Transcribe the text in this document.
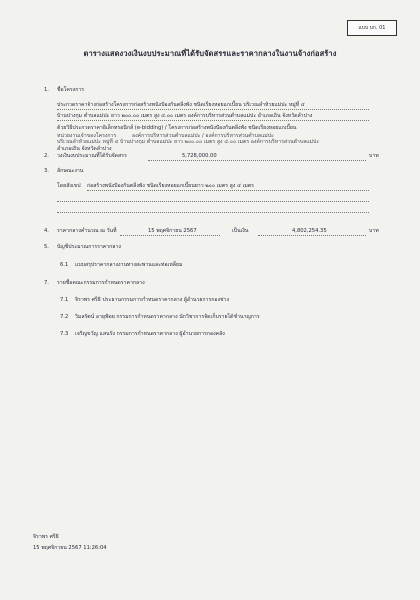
แบบ บก. 01
ตารางแสดงวงเงินงบประมาณที่ได้รับจัดสรรและราคากลางในงานจ้างก่อสร้าง
1. ชื่อโครงการ
ประกวดราคาจ้างก่อสร้างโครงการก่อสร้างพนังป้องกันตลิ่งพัง ชนิดเรียงหอยแกเบี้ยน บริเวณลำห้วยแม่ปะ หมู่ที่ ๔
บ้านปางกุม ตำบลแม่ปะ ยาว ๒๐๐.๐๐ เมตร สูง ๔.๐๐ เมตร องค์การบริหารส่วนตำบลแม่ปะ อำเภอเถิน จังหวัดลำปาง
ด้วยวิธีประกวดราคาอิเล็กทรอนิกส์ (e-bidding) / โครงการก่อสร้างพนังป้องกันตลิ่งพัง ชนิดเรียงหอยแกเบี้ยน
หน่วยงานเจ้าของโครงการ	องค์การบริหารส่วนตำบลแม่ปะ / องค์การบริหารส่วนตำบลแม่ปะ
บริเวณลำห้วยแม่ปะ หมู่ที่ ๔ บ้านปางกุม ตำบลแม่ปะ ยาว ๒๐๐.๐๐ เมตร สูง ๔.๐๐ เมตร องค์การบริหารส่วนตำบลแม่ปะ
อำเภอเถิน จังหวัดลำปาง
2. วงเงินงบประมาณที่ได้รับจัดสรร	5,728,000.00	บาท
3. ลักษณะงาน
โดยสังเขป ก่อสร้างพนังป้องกันตลิ่งพัง ชนิดเรียงหอยแกเบี้ยนยาว ๒๐๐ เมตร สูง ๔ เมตร
4. ราคากลางคำนวณ ณ วันที่	15 พฤศจิกายน 2567	เป็นเงิน	4,802,254.35	บาท
5. บัญชีประมาณการราคากลาง
6.1 แบบสรุปราคากลางงานทางสะพานและท่อเหลี่ยม
7. รายชื่อคณะกรรมการกำหนดราคากลาง
7.1 จิราพร ศรีธิ ประธานกรรมการกำหนดราคากลาง ผู้อำนวยการกองช่าง
7.2 วิมลรัตน์ อายุฟ้อย กรรมการกำหนดราคากลาง นักวิชาการจัดเก็บรายได้ชำนาญการ
7.3 เจริญขวัญ แสนรัง กรรมการกำหนดราคากลาง ผู้อำนวยการกองคลัง
จิราพร ศรีธิ
15 พฤศจิกายน 2567 11:26:04
